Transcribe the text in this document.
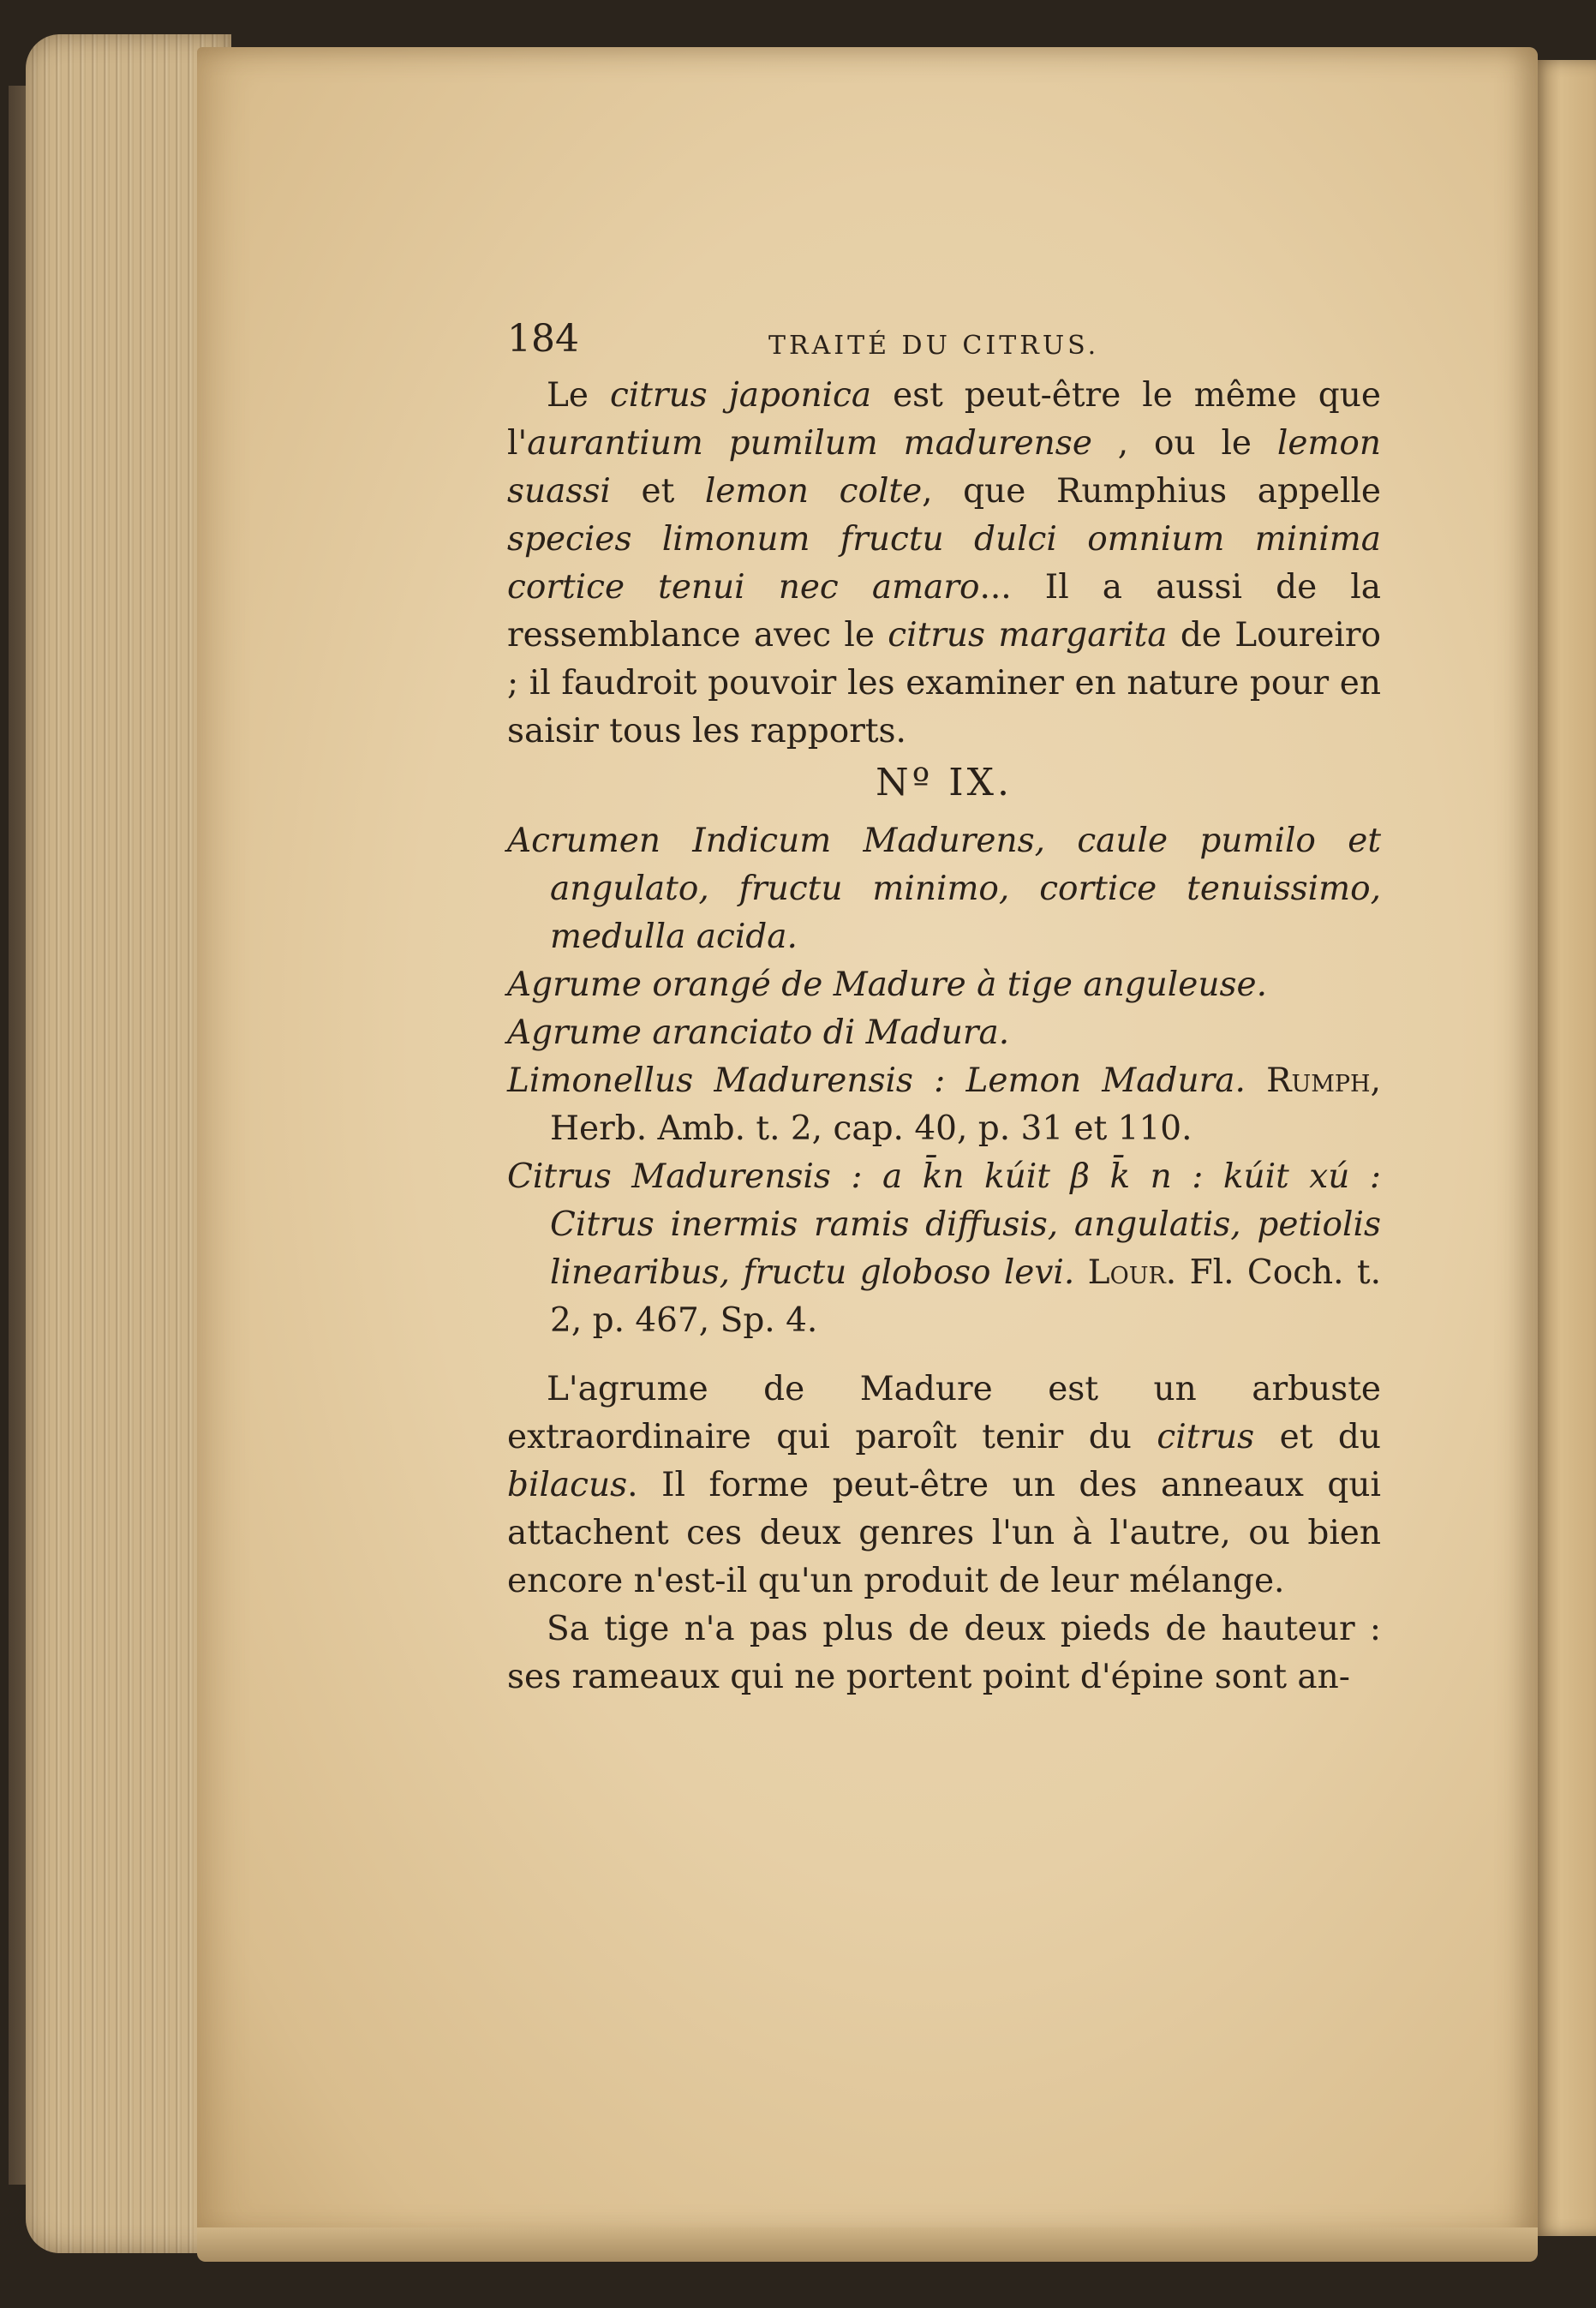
184	TRAITÉ DU CITRUS.

Le citrus japonica est peut-être le même que l'aurantium pumilum madurense , ou le lemon suassi et lemon colte, que Rumphius appelle species limonum fructu dulci omnium minima cortice tenui nec amaro... Il a aussi de la ressemblance avec le citrus margarita de Loureiro ; il faudroit pouvoir les examiner en nature pour en saisir tous les rapports.

Nº IX.

Acrumen Indicum Madurens, caule pumilo et angulato, fructu minimo, cortice tenuissimo, medulla acida.

Agrume orangé de Madure à tige anguleuse.

Agrume aranciato di Madura.

Limonellus Madurensis : Lemon Madura. Rumph, Herb. Amb. t. 2, cap. 40, p. 31 et 110.

Citrus Madurensis : a k̄n kúit β k̄ n : kúit xú : Citrus inermis ramis diffusis, angulatis, petiolis linearibus, fructu globoso levi. Lour. Fl. Coch. t. 2, p. 467, Sp. 4.

L'agrume de Madure est un arbuste extraordinaire qui paroît tenir du citrus et du bilacus. Il forme peut-être un des anneaux qui attachent ces deux genres l'un à l'autre, ou bien encore n'est-il qu'un produit de leur mélange.

Sa tige n'a pas plus de deux pieds de hauteur : ses rameaux qui ne portent point d'épine sont an-
